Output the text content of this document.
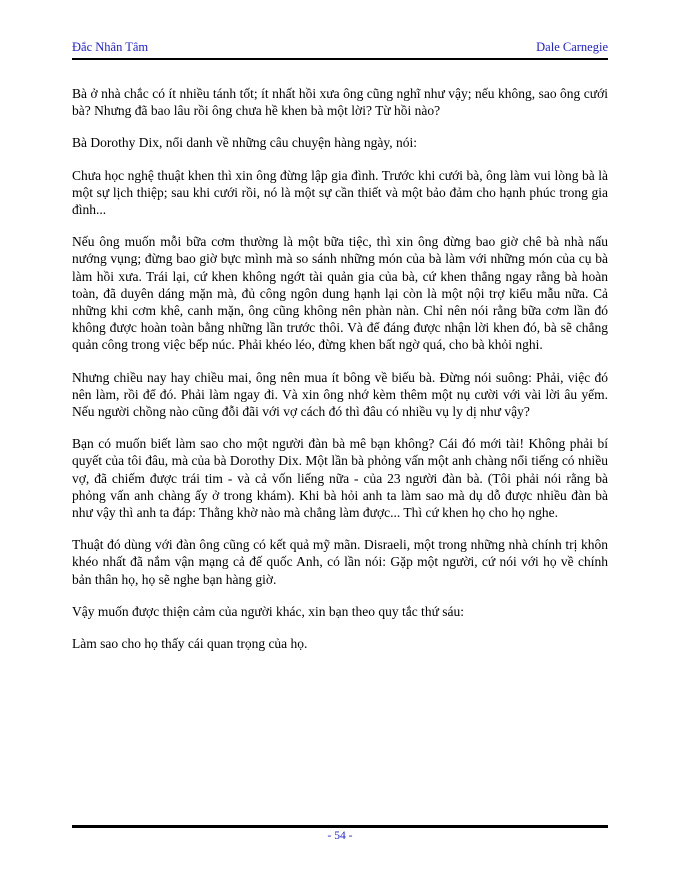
Đắc Nhân Tâm	Dale Carnegie

Bà ở nhà chắc có ít nhiều tánh tốt; ít nhất hồi xưa ông cũng nghĩ như vậy; nếu không, sao ông cưới bà? Nhưng đã bao lâu rồi ông chưa hề khen bà một lời? Từ hồi nào?

Bà Dorothy Dix, nổi danh về những câu chuyện hàng ngày, nói:

Chưa học nghệ thuật khen thì xin ông đừng lập gia đình. Trước khi cưới bà, ông làm vui lòng bà là một sự lịch thiệp; sau khi cưới rồi, nó là một sự cần thiết và một bảo đảm cho hạnh phúc trong gia đình...

Nếu ông muốn mỗi bữa cơm thường là một bữa tiệc, thì xin ông đừng bao giờ chê bà nhà nấu nướng vụng; đừng bao giờ bực mình mà so sánh những món của bà làm với những món của cụ bà làm hồi xưa. Trái lại, cứ khen không ngớt tài quản gia của bà, cứ khen thẳng ngay rằng bà hoàn toàn, đã duyên dáng mặn mà, đủ công ngôn dung hạnh lại còn là một nội trợ kiểu mẫu nữa. Cả những khi cơm khê, canh mặn, ông cũng không nên phàn nàn. Chỉ nên nói rằng bữa cơm lần đó không được hoàn toàn bằng những lần trước thôi. Và để đáng được nhận lời khen đó, bà sẽ chẳng quản công trong việc bếp núc. Phải khéo léo, đừng khen bất ngờ quá, cho bà khỏi nghi.

Nhưng chiều nay hay chiều mai, ông nên mua ít bông về biếu bà. Đừng nói suông: Phải, việc đó nên làm, rồi để đó. Phải làm ngay đi. Và xin ông nhớ kèm thêm một nụ cười với vài lời âu yếm. Nếu người chồng nào cũng đỗi đãi với vợ cách đó thì đâu có nhiều vụ ly dị như vậy?

Bạn có muốn biết làm sao cho một người đàn bà mê bạn không? Cái đó mới tài! Không phải bí quyết của tôi đâu, mà của bà Dorothy Dix. Một lần bà phỏng vấn một anh chàng nổi tiếng có nhiều vợ, đã chiếm được trái tim - và cả vốn liếng nữa - của 23 người đàn bà. (Tôi phải nói rằng bà phỏng vấn anh chàng ấy ở trong khám). Khi bà hỏi anh ta làm sao mà dụ dỗ được nhiều đàn bà như vậy thì anh ta đáp: Thằng khờ nào mà chẳng làm được... Thì cứ khen họ cho họ nghe.

Thuật đó dùng với đàn ông cũng có kết quả mỹ mãn. Disraeli, một trong những nhà chính trị khôn khéo nhất đã nắm vận mạng cả đế quốc Anh, có lần nói: Gặp một người, cứ nói với họ về chính bản thân họ, họ sẽ nghe bạn hàng giờ.

Vậy muốn được thiện cảm của người khác, xin bạn theo quy tắc thứ sáu:

Làm sao cho họ thấy cái quan trọng của họ.

- 54 -
